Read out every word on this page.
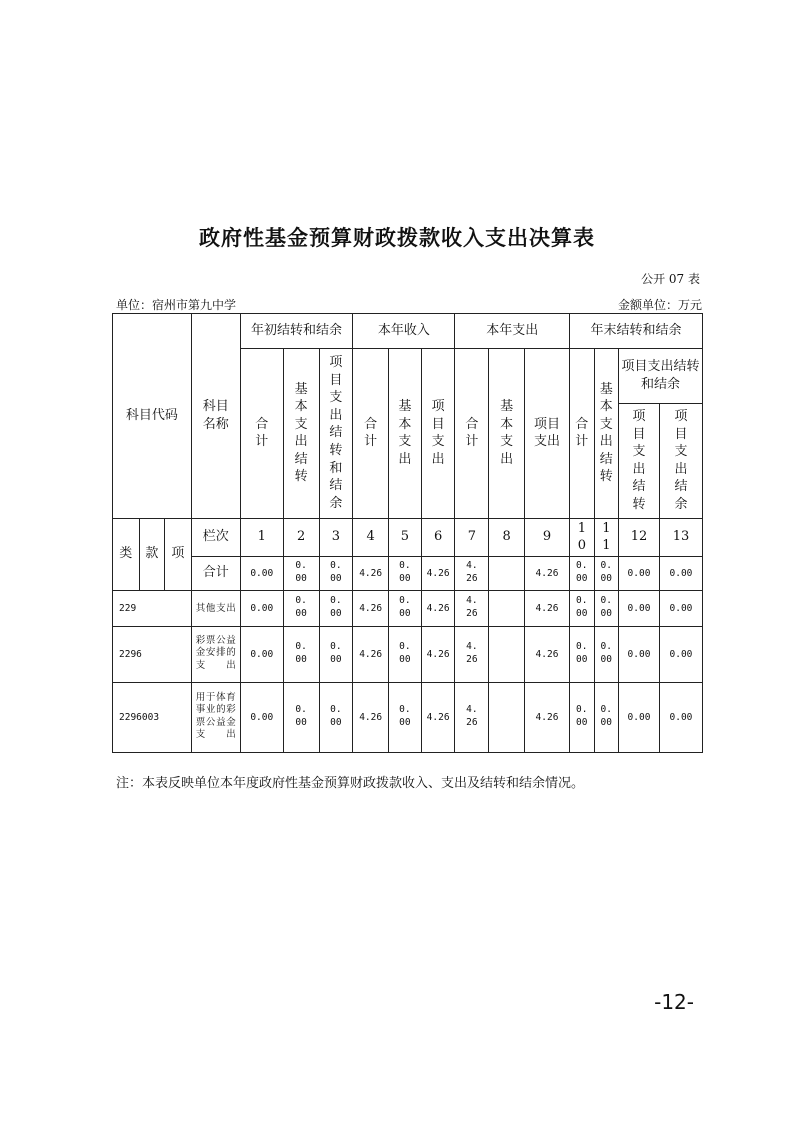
政府性基金预算财政拨款收入支出决算表
公开 07 表
单位：宿州市第九中学	金额单位：万元
科目代码			科目名称	年初结转和结余			本年收入			本年支出			年末结转和结余			
				合计	基本支出结转	项目支出结转和结余	合计	基本支出	项目支出	合计	基本支出	项目支出	合计	基本支出结转	项目支出结转和结余	
															项目支出结转	项目支出结余
类	款	项	栏次	1	2	3	4	5	6	7	8	9	10	11	12	13
			合计	0.00	0.00	0.00	4.26	0.00	4.26	4.26		4.26	0.00	0.00	0.00	0.00
229			其他支出	0.00	0.00	0.00	4.26	0.00	4.26	4.26		4.26	0.00	0.00	0.00	0.00
2296			彩票公益金安排的支出	0.00	0.00	0.00	4.26	0.00	4.26	4.26		4.26	0.00	0.00	0.00	0.00
2296003			用于体育事业的彩票公益金支出	0.00	0.00	0.00	4.26	0.00	4.26	4.26		4.26	0.00	0.00	0.00	0.00
注：本表反映单位本年度政府性基金预算财政拨款收入、支出及结转和结余情况。
-12-
